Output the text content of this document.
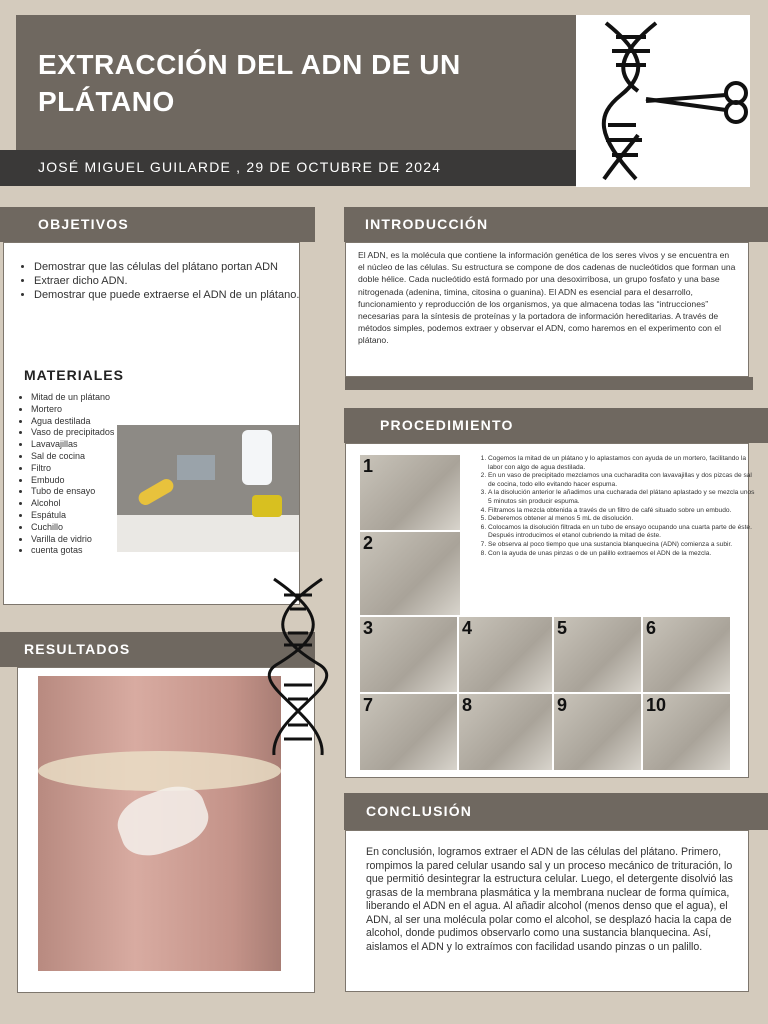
EXTRACCIÓN DEL ADN DE UN PLÁTANO
JOSÉ MIGUEL GUILARDE , 29 DE OCTUBRE DE 2024
OBJETIVOS
• Demostrar que las células del plátano portan ADN
• Extraer dicho ADN.
• Demostrar que puede extraerse el ADN de un plátano.
MATERIALES
• Mitad de un plátano
• Mortero
• Agua destilada
• Vaso de precipitados
• Lavavajillas
• Sal de cocina
• Filtro
• Embudo
• Tubo de ensayo
• Alcohol
• Espátula
• Cuchillo
• Varilla de vidrio
• cuenta gotas
INTRODUCCIÓN
El ADN, es la molécula que contiene la información genética de los seres vivos y se encuentra en el núcleo de las células. Su estructura se compone de dos cadenas de nucleótidos que forman una doble hélice. Cada nucleótido está formado por una desoxirribosa, un grupo fosfato y una base nitrogenada (adenina, timina, citosina o guanina). El ADN es esencial para el desarrollo, funcionamiento y reproducción de los organismos, ya que almacena todas las “intrucciones” necesarias para la síntesis de proteínas y la portadora de información hereditarias. A través de métodos simples, podemos extraer y observar el ADN, como haremos en el experimento con el plátano.
PROCEDIMIENTO
1. Cogemos la mitad de un plátano y lo aplastamos con ayuda de un mortero, facilitando la labor con algo de agua destilada.
2. En un vaso de precipitado mezclamos una cucharadita con lavavajillas y dos pizcas de sal de cocina, todo ello evitando hacer espuma.
3. A la disolución anterior le añadimos una cucharada del plátano aplastado y se mezcla unos 5 minutos sin producir espuma.
4. Filtramos la mezcla obtenida a través de un filtro de café situado sobre un embudo.
5. Deberemos obtener al menos 5 mL de disolución.
6. Colocamos la disolución filtrada en un tubo de ensayo ocupando una cuarta parte de éste. Después introducimos el etanol cubriendo la mitad de éste.
7. Se observa al poco tiempo que una sustancia blanquecina (ADN) comienza a subir.
8. Con la ayuda de unas pinzas o de un palillo extraemos el ADN de la mezcla.
1
2
3	4	5	6
7	8	9	10
RESULTADOS
CONCLUSIÓN
En conclusión, logramos extraer el ADN de las células del plátano. Primero, rompimos la pared celular usando sal y un proceso mecánico de trituración, lo que permitió desintegrar la estructura celular. Luego, el detergente disolvió las grasas de la membrana plasmática y la membrana nuclear de forma química, liberando el ADN en el agua. Al añadir alcohol (menos denso que el agua), el ADN, al ser una molécula polar como el alcohol, se desplazó hacia la capa de alcohol, donde pudimos observarlo como una sustancia blanquecina. Así, aislamos el ADN y lo extraímos con facilidad usando pinzas o un palillo.
